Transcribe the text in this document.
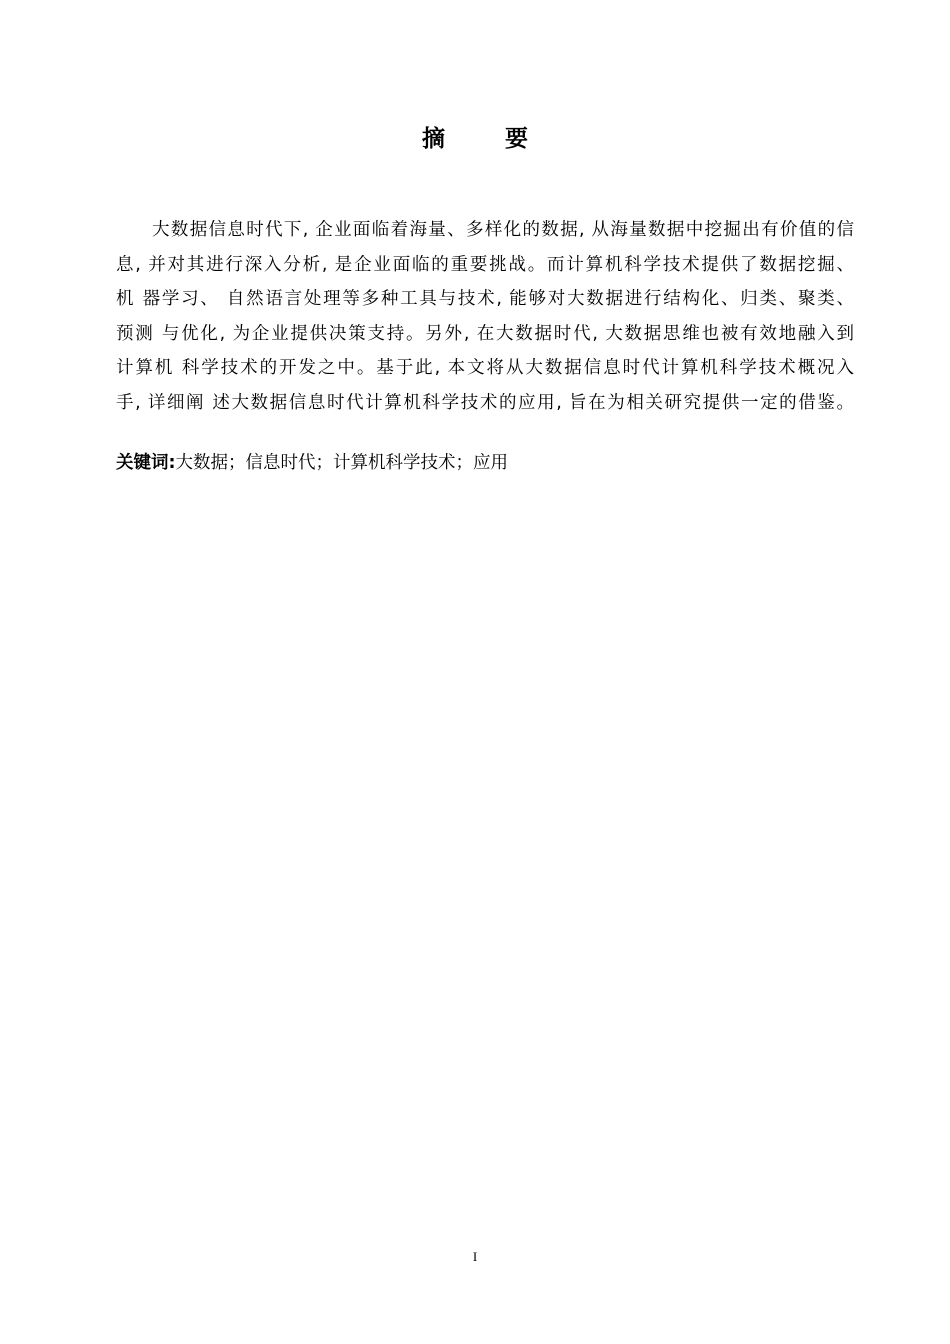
摘 要
大数据信息时代下, 企业面临着海量、多样化的数据, 从海量数据中挖掘出有价值的信
息, 并对其进行深入分析, 是企业面临的重要挑战。而计算机科学技术提供了数据挖掘、
机 器学习、 自然语言处理等多种工具与技术, 能够对大数据进行结构化、归类、聚类、
预测 与优化, 为企业提供决策支持。另外, 在大数据时代, 大数据思维也被有效地融入到
计算机 科学技术的开发之中。基于此, 本文将从大数据信息时代计算机科学技术概况入
手, 详细阐 述大数据信息时代计算机科学技术的应用, 旨在为相关研究提供一定的借鉴。
关键词:大数据；信息时代；计算机科学技术；应用
I
